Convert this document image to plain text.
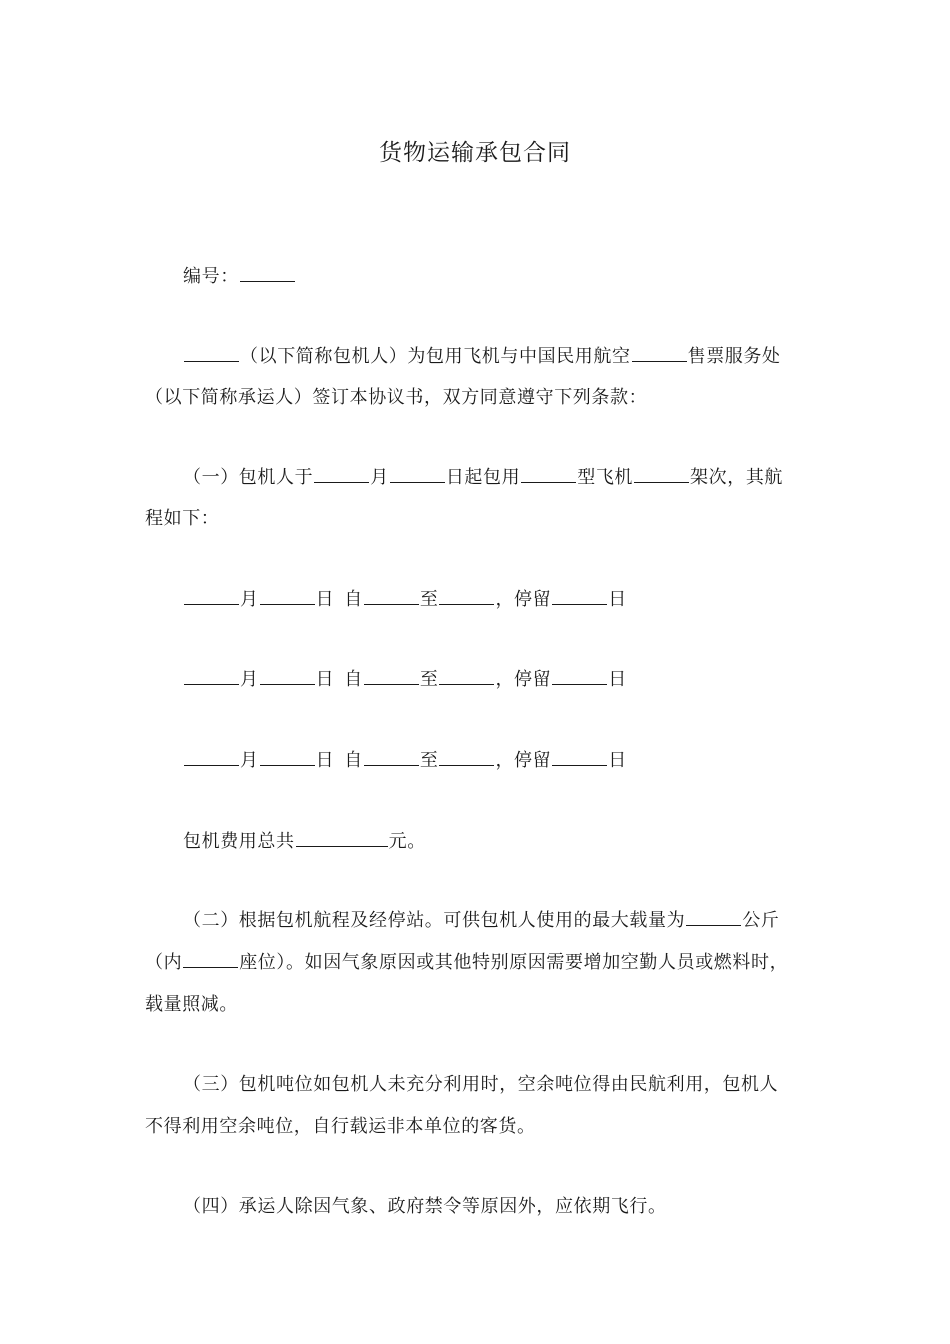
货物运输承包合同
编号：
（以下简称包机人）为包用飞机与中国民用航空	售票服务处
（以下简称承运人）签订本协议书，双方同意遵守下列条款：
（一）包机人于	月	日起包用	型飞机	架次，其航
程如下：
月	日 自	至	，停留	日
月	日 自	至	，停留	日
月	日 自	至	，停留	日
包机费用总共	元。
（二）根据包机航程及经停站。可供包机人使用的最大载量为	公斤
（内	座位）。如因气象原因或其他特别原因需要增加空勤人员或燃料时，
载量照减。
（三）包机吨位如包机人未充分利用时，空余吨位得由民航利用，包机人
不得利用空余吨位，自行载运非本单位的客货。
（四）承运人除因气象、政府禁令等原因外，应依期飞行。
